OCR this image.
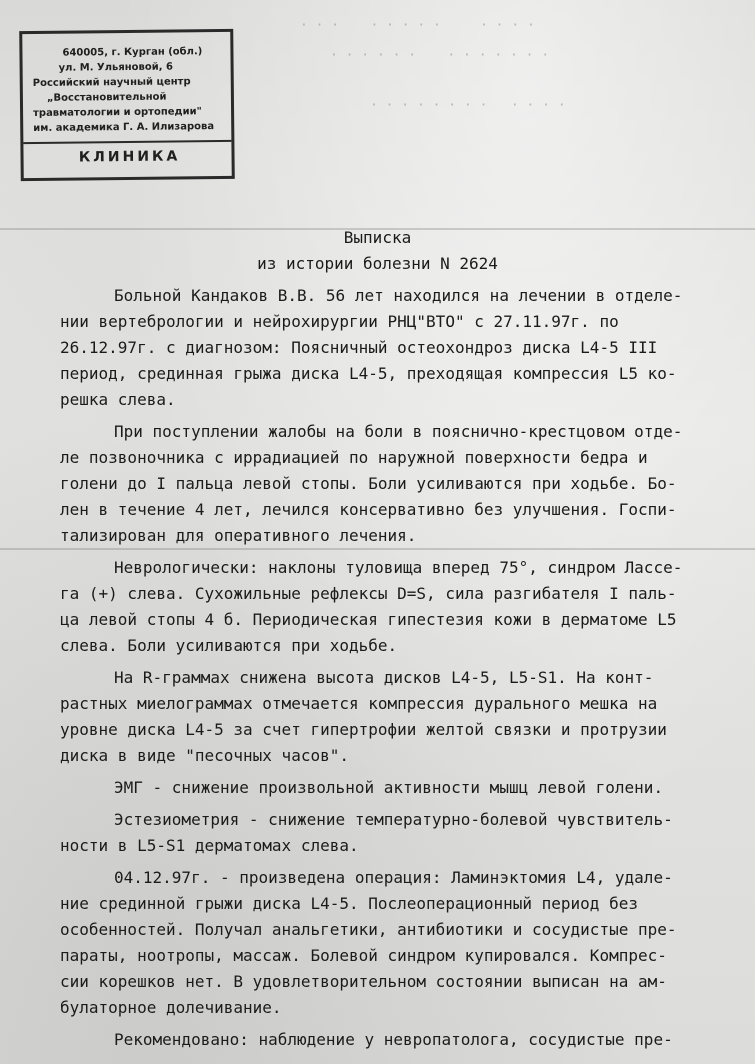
· · ·    · · · · ·     · · · ·
· · · · · ·    · · · · · · ·
· · · · · · · ·   · · · ·
640005, г. Курган (обл.)
ул. М. Ульяновой, 6
Российский научный центр
„Восстановительной
травматологии и ортопедии"
им. академика Г. А. Илизарова
КЛИНИКА
Выписка
из истории болезни N 2624
Больной Кандаков В.В. 56 лет находился на лечении в отделе-
нии вертебрологии и нейрохирургии РНЦ"ВТО" с 27.11.97г. по
26.12.97г. с диагнозом: Поясничный остеохондроз диска L4-5 III
период, срединная грыжа диска L4-5, преходящая компрессия L5 ко-
решка слева.
При поступлении жалобы на боли в пояснично-крестцовом отде-
ле позвоночника с иррадиацией по наружной поверхности бедра и
голени до I пальца левой стопы. Боли усиливаются при ходьбе. Бо-
лен в течение 4 лет, лечился консервативно без улучшения. Госпи-
тализирован для оперативного лечения.
Неврологически: наклоны туловища вперед 75°, синдром Лассе-
га (+) слева. Сухожильные рефлексы D=S, сила разгибателя I паль-
ца левой стопы 4 б. Периодическая гипестезия кожи в дерматоме L5
слева. Боли усиливаются при ходьбе.
На R-граммах снижена высота дисков L4-5, L5-S1. На конт-
растных миелограммах отмечается компрессия дурального мешка на
уровне диска L4-5 за счет гипертрофии желтой связки и протрузии
диска в виде "песочных часов".
ЭМГ - снижение произвольной активности мышц левой голени.
Эстезиометрия - снижение температурно-болевой чувствитель-
ности в L5-S1 дерматомах слева.
04.12.97г. - произведена операция: Ламинэктомия L4, удале-
ние срединной грыжи диска L4-5. Послеоперационный период без
особенностей. Получал анальгетики, антибиотики и сосудистые пре-
параты, ноотропы, массаж. Болевой синдром купировался. Компрес-
сии корешков нет. В удовлетворительном состоянии выписан на ам-
булаторное долечивание.
Рекомендовано: наблюдение у невропатолога, сосудистые пре-
